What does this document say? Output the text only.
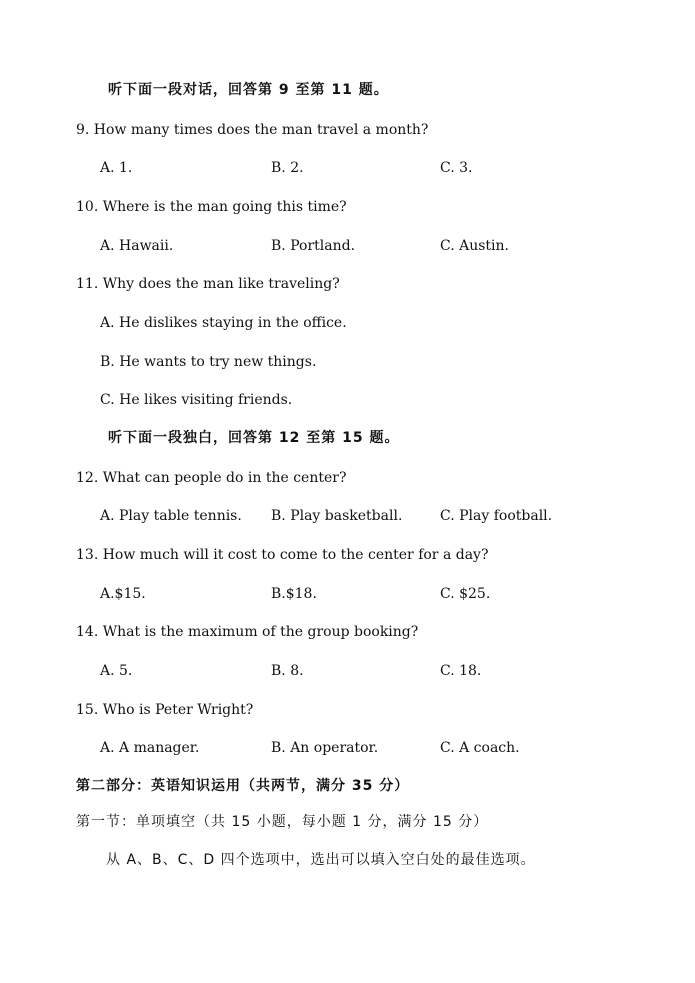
听下面一段对话，回答第 9 至第 11 题。
9. How many times does the man travel a month?
A. 1.	B. 2.	C. 3.
10. Where is the man going this time?
A. Hawaii.	B. Portland.	C. Austin.
11. Why does the man like traveling?
A. He dislikes staying in the office.
B. He wants to try new things.
C. He likes visiting friends.
听下面一段独白，回答第 12 至第 15 题。
12. What can people do in the center?
A. Play table tennis. B. Play basketball.	C. Play football.
13. How much will it cost to come to the center for a day?
A.$15.	B.$18.	C. $25.
14. What is the maximum of the group booking?
A. 5.	B. 8.	C. 18.
15. Who is Peter Wright?
A. A manager.	B. An operator.	C. A coach.
第二部分：英语知识运用（共两节，满分 35 分）
第一节：单项填空（共 15 小题，每小题 1 分，满分 15 分）
从 A、B、C、D 四个选项中，选出可以填入空白处的最佳选项。
